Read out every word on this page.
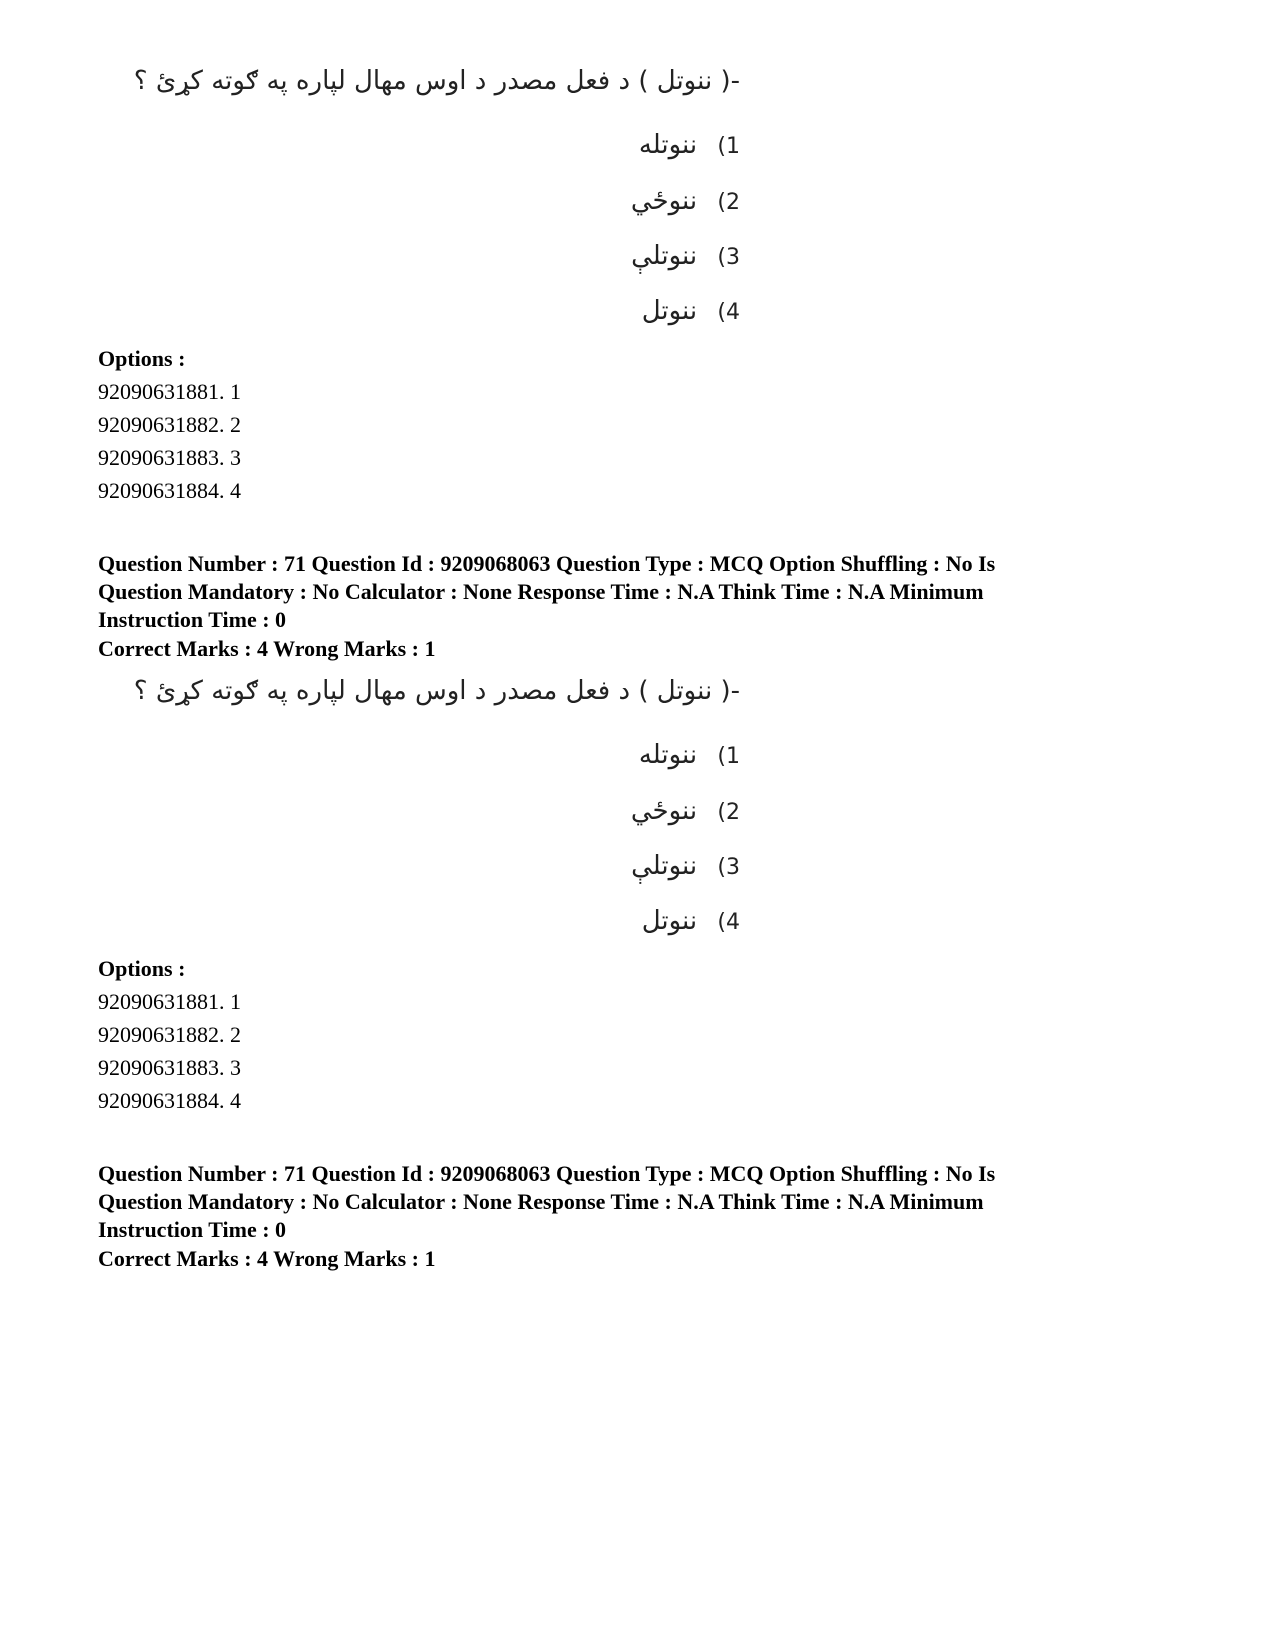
-( ننوتل ) د فعل مصدر د اوس مهال لپاره په ګوته کړئ ؟
(1 ننوتله
(2 ننوځي
(3 ننوتلې
(4 ننوتل
Options :
92090631881. 1
92090631882. 2
92090631883. 3
92090631884. 4
Question Number : 71 Question Id : 9209068063 Question Type : MCQ Option Shuffling : No Is
Question Mandatory : No Calculator : None Response Time : N.A Think Time : N.A Minimum
Instruction Time : 0
Correct Marks : 4 Wrong Marks : 1
-( ننوتل ) د فعل مصدر د اوس مهال لپاره په ګوته کړئ ؟
(1 ننوتله
(2 ننوځي
(3 ننوتلې
(4 ننوتل
Options :
92090631881. 1
92090631882. 2
92090631883. 3
92090631884. 4
Question Number : 71 Question Id : 9209068063 Question Type : MCQ Option Shuffling : No Is
Question Mandatory : No Calculator : None Response Time : N.A Think Time : N.A Minimum
Instruction Time : 0
Correct Marks : 4 Wrong Marks : 1
